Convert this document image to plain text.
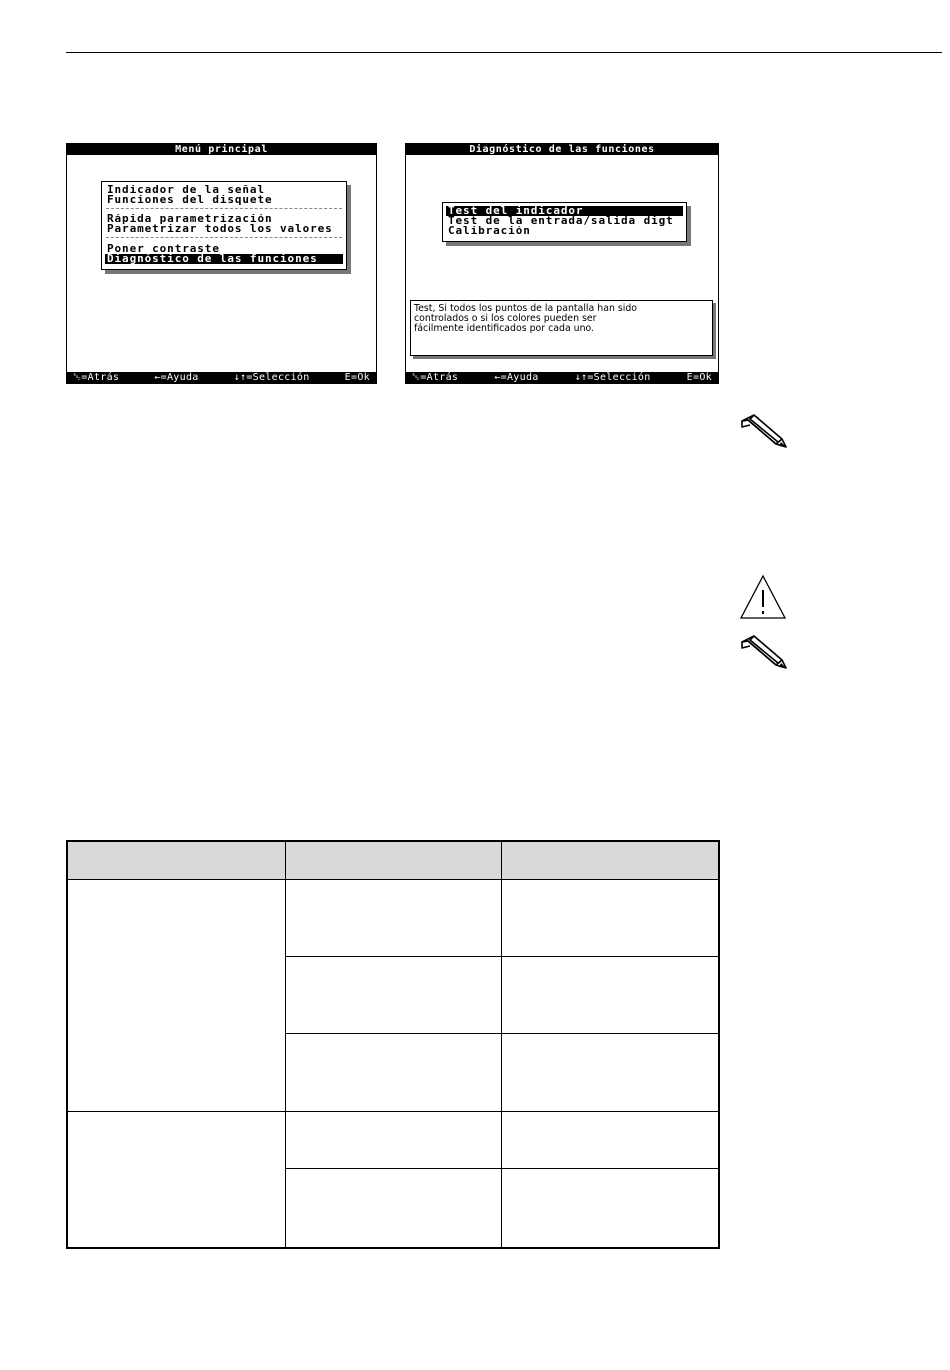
Menú principal
Indicador de la señal
Funciones del disquete
Rápida parametrización
Parametrizar todos los valores
Poner contraste
Diagnóstico de las funciones
␛=Atrás	←=Ayuda	↓↑=Selección	E=Ok
Diagnóstico de las funciones
Test del indicador
Test de la entrada/salida digt
Calibración
Test, Si todos los puntos de la pantalla han sido
controlados o si los colores pueden ser
fácilmente identificados por cada uno.
␛=Atrás	←=Ayuda	↓↑=Selección	E=Ok
